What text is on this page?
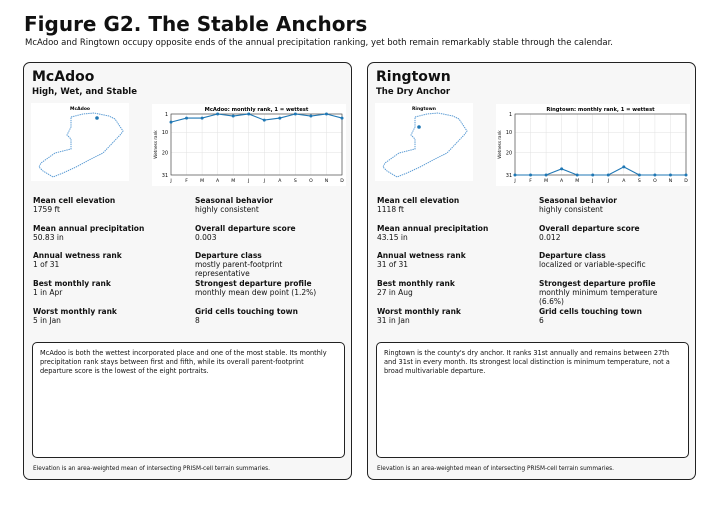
Figure G2. The Stable Anchors

McAdoo and Ringtown occupy opposite ends of the annual precipitation ranking, yet both remain remarkably stable through the calendar.

McAdoo
High, Wet, and Stable
McAdoo	McAdoo: monthly rank, 1 = wettest
1
10
20
31
J	F	M	A	M	J	J	A	S	O	N	D
Wetness rank
Mean cell elevation
1759 ft
Seasonal behavior
highly consistent
Mean annual precipitation
50.83 in
Overall departure score
0.003
Annual wetness rank
1 of 31
Departure class
mostly parent-footprint representative
Best monthly rank
1 in Apr
Strongest departure profile
monthly mean dew point (1.2%)
Worst monthly rank
5 in Jan
Grid cells touching town
8
McAdoo is both the wettest incorporated place and one of the most stable. Its monthly precipitation rank stays between first and fifth, while its overall parent-footprint departure score is the lowest of the eight portraits.
Elevation is an area-weighted mean of intersecting PRISM-cell terrain summaries.
Ringtown
The Dry Anchor
Ringtown	Ringtown: monthly rank, 1 = wettest
1
10
20
31
J	F	M	A	M	J	J	A	S	O	N	D
Wetness rank
Mean cell elevation
1118 ft
Seasonal behavior
highly consistent
Mean annual precipitation
43.15 in
Overall departure score
0.012
Annual wetness rank
31 of 31
Departure class
localized or variable-specific
Best monthly rank
27 in Aug
Strongest departure profile
monthly minimum temperature (6.6%)
Worst monthly rank
31 in Jan
Grid cells touching town
6
Ringtown is the county's dry anchor. It ranks 31st annually and remains between 27th and 31st in every month. Its strongest local distinction is minimum temperature, not a broad multivariable departure.
Elevation is an area-weighted mean of intersecting PRISM-cell terrain summaries.
